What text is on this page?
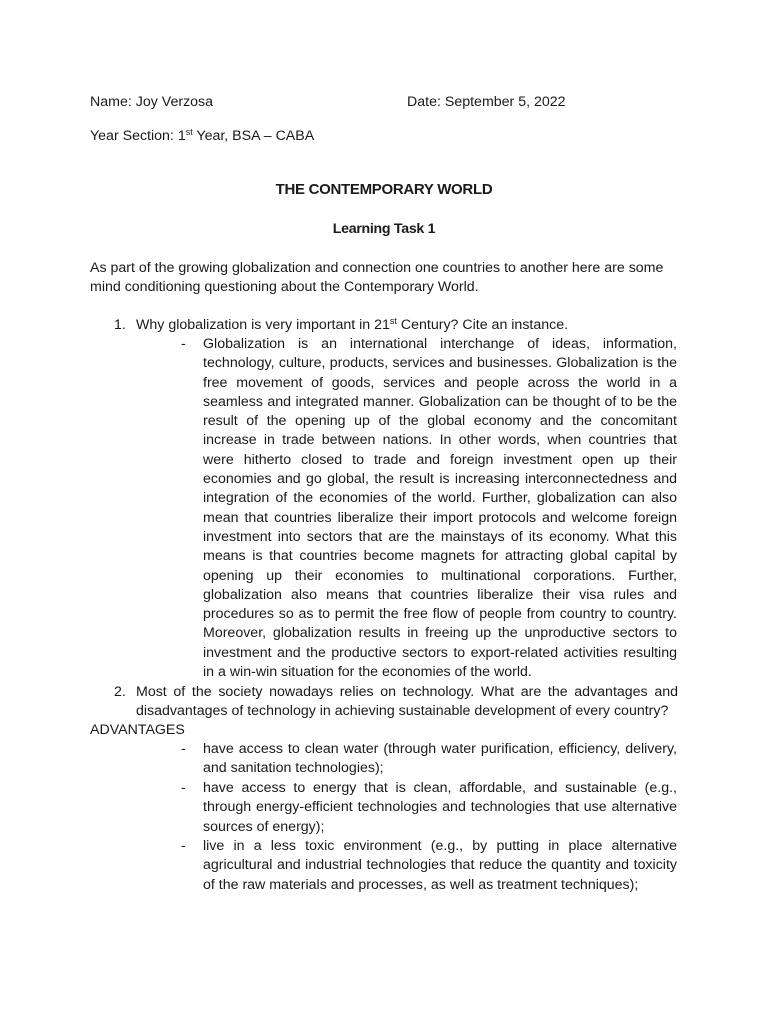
Name: Joy Verzosa	Date: September 5, 2022
Year Section: 1st Year, BSA – CABA
THE CONTEMPORARY WORLD
Learning Task 1
As part of the growing globalization and connection one countries to another here are some mind conditioning questioning about the Contemporary World.
1. Why globalization is very important in 21st Century? Cite an instance.
- Globalization is an international interchange of ideas, information, technology, culture, products, services and businesses. Globalization is the free movement of goods, services and people across the world in a seamless and integrated manner. Globalization can be thought of to be the result of the opening up of the global economy and the concomitant increase in trade between nations. In other words, when countries that were hitherto closed to trade and foreign investment open up their economies and go global, the result is increasing interconnectedness and integration of the economies of the world. Further, globalization can also mean that countries liberalize their import protocols and welcome foreign investment into sectors that are the mainstays of its economy. What this means is that countries become magnets for attracting global capital by opening up their economies to multinational corporations. Further, globalization also means that countries liberalize their visa rules and procedures so as to permit the free flow of people from country to country. Moreover, globalization results in freeing up the unproductive sectors to investment and the productive sectors to export-related activities resulting in a win-win situation for the economies of the world.
2. Most of the society nowadays relies on technology. What are the advantages and disadvantages of technology in achieving sustainable development of every country?
ADVANTAGES
- have access to clean water (through water purification, efficiency, delivery, and sanitation technologies);
- have access to energy that is clean, affordable, and sustainable (e.g., through energy-efficient technologies and technologies that use alternative sources of energy);
- live in a less toxic environment (e.g., by putting in place alternative agricultural and industrial technologies that reduce the quantity and toxicity of the raw materials and processes, as well as treatment techniques);
